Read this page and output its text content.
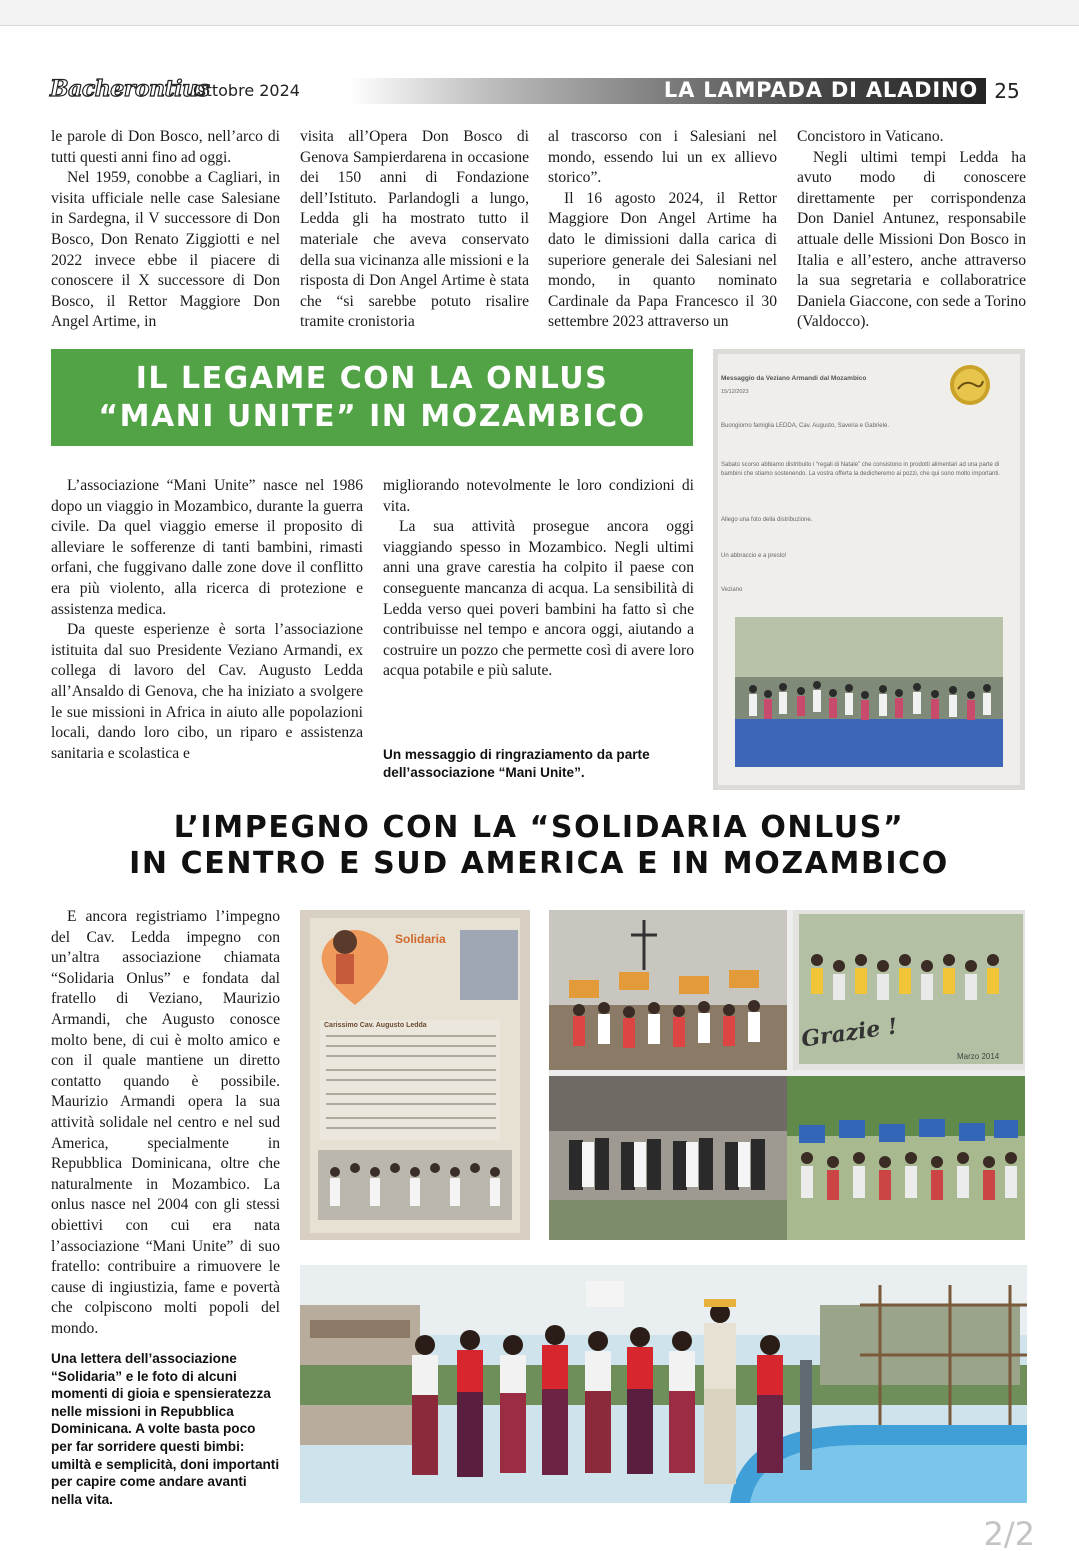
Bacherontius
Ottobre 2024	LA LAMPADA DI ALADINO 25

le parole di Don Bosco, nell’arco di tutti questi anni fino ad oggi.

Nel 1959, conobbe a Cagliari, in visita ufficiale nelle case Salesiane in Sardegna, il V successore di Don Bosco, Don Renato Ziggiotti e nel 2022 invece ebbe il piacere di conoscere il X successore di Don Bosco, il Rettor Maggiore Don Angel Artime, in

visita all’Opera Don Bosco di Genova Sampierdarena in occasione dei 150 anni di Fondazione dell’Istituto. Parlandogli a lungo, Ledda gli ha mostrato tutto il materiale che aveva conservato della sua vicinanza alle missioni e la risposta di Don Angel Artime è stata che “si sarebbe potuto risalire tramite cronistoria

al trascorso con i Salesiani nel mondo, essendo lui un ex allievo storico”.

Il 16 agosto 2024, il Rettor Maggiore Don Angel Artime ha dato le dimissioni dalla carica di superiore generale dei Salesiani nel mondo, in quanto nominato Cardinale da Papa Francesco il 30 settembre 2023 attraverso un

Concistoro in Vaticano.

Negli ultimi tempi Ledda ha avuto modo di conoscere direttamente per corrispondenza Don Daniel Antunez, responsabile attuale delle Missioni Don Bosco in Italia e all’estero, anche attraverso la sua segretaria e collaboratrice Daniela Giaccone, con sede a Torino (Valdocco).

IL LEGAME CON LA ONLUS
“MANI UNITE” IN MOZAMBICO
Messaggio da Veziano Armandi dal Mozambico
15/12/2023
Buongiorno famiglia LEDDA, Cav. Augusto, Saveria e Gabriele.
Sabato scorso abbiamo distribuito i “regali di Natale” che consistono in prodotti alimentari ad una parte di bambini che stiamo sostenendo. La vostra offerta la dedicheremo ai pozzi, che qui sono molto importanti.
Allego una foto della distribuzione.
Un abbraccio e a presto!
Veziano

L’associazione “Mani Unite” nasce nel 1986 dopo un viaggio in Mozambico, durante la guerra civile. Da quel viaggio emerse il proposito di alleviare le sofferenze di tanti bambini, rimasti orfani, che fuggivano dalle zone dove il conflitto era più violento, alla ricerca di protezione e assistenza medica.

Da queste esperienze è sorta l’associazione istituita dal suo Presidente Veziano Armandi, ex collega di lavoro del Cav. Augusto Ledda all’Ansaldo di Genova, che ha iniziato a svolgere le sue missioni in Africa in aiuto alle popolazioni locali, dando loro cibo, un riparo e assistenza sanitaria e scolastica e

migliorando notevolmente le loro condizioni di vita.

La sua attività prosegue ancora oggi viaggiando spesso in Mozambico. Negli ultimi anni una grave carestia ha colpito il paese con conseguente mancanza di acqua. La sensibilità di Ledda verso quei poveri bambini ha fatto sì che contribuisse nel tempo e ancora oggi, aiutando a costruire un pozzo che permette così di avere loro acqua potabile e più salute.

Un messaggio di ringraziamento da parte dell’associazione “Mani Unite”.
L’IMPEGNO CON LA “SOLIDARIA ONLUS”
IN CENTRO E SUD AMERICA E IN MOZAMBICO

E ancora registriamo l’impegno del Cav. Ledda impegno con un’altra associazione chiamata “Solidaria Onlus” e fondata dal fratello di Veziano, Maurizio Armandi, che Augusto conosce molto bene, di cui è molto amico e con il quale mantiene un diretto contatto quando è possibile. Maurizio Armandi opera la sua attività solidale nel centro e nel sud America, specialmente in Repubblica Dominicana, oltre che naturalmente in Mozambico. La onlus nasce nel 2004 con gli stessi obiettivi con cui era nata l’associazione “Mani Unite” di suo fratello: contribuire a rimuovere le cause di ingiustizia, fame e povertà che colpiscono molti popoli del mondo.

Una lettera dell’associazione “Solidaria” e le foto di alcuni momenti di gioia e spensieratezza nelle missioni in Repubblica Dominicana. A volte basta poco per far sorridere questi bimbi: umiltà e semplicità, doni importanti per capire come andare avanti nella vita.
Solidaria
Carissimo Cav. Augusto Ledda	Grazie !
Marzo 2014
2/2
